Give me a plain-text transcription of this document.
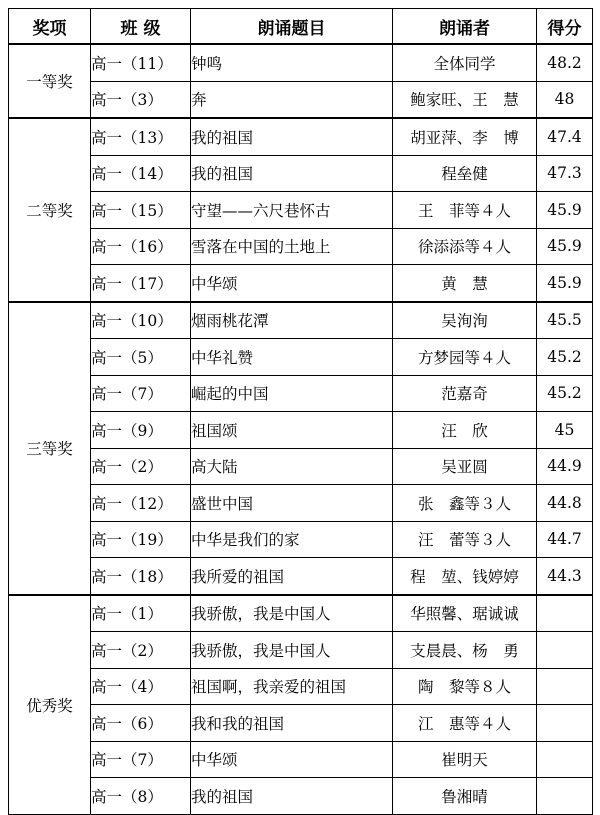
奖项	班 级	朗诵题目	朗诵者	得分
一等奖	高一（11）	钟鸣	全体同学	48.2
	高一（3）	奔	鲍家旺、王　慧	48
二等奖	高一（13）	我的祖国	胡亚萍、李　博	47.4
	高一（14）	我的祖国	程垒健	47.3
	高一（15）	守望——六尺巷怀古	王　菲等４人	45.9
	高一（16）	雪落在中国的土地上	徐添添等４人	45.9
	高一（17）	中华颂	黄　慧	45.9
三等奖	高一（10）	烟雨桃花潭	吴洵洵	45.5
	高一（5）	中华礼赞	方梦园等４人	45.2
	高一（7）	崛起的中国	范嘉奇	45.2
	高一（9）	祖国颂	汪　欣	45
	高一（2）	高大陆	吴亚圆	44.9
	高一（12）	盛世中国	张　鑫等３人	44.8
	高一（19）	中华是我们的家	汪　蕾等３人	44.7
	高一（18）	我所爱的祖国	程　堃、钱婷婷	44.3
优秀奖	高一（1）	我骄傲，我是中国人	华照馨、琚诚诚	
	高一（2）	我骄傲，我是中国人	支晨晨、杨　勇	
	高一（4）	祖国啊，我亲爱的祖国	陶　黎等８人	
	高一（6）	我和我的祖国	江　惠等４人	
	高一（7）	中华颂	崔明天	
	高一（8）	我的祖国	鲁湘晴	
